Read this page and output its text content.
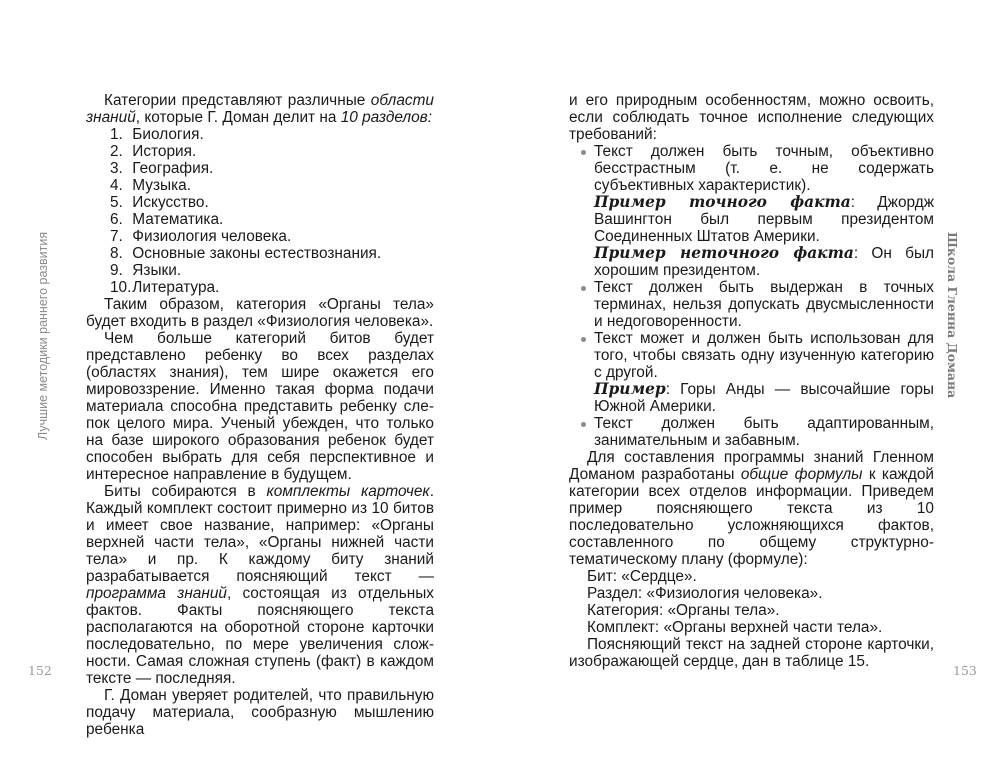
Лучшие методики раннего развития
152

Категории представляют различные области знаний, которые Г. Доман делит на 10 разделов:

1. Биология.
2. История.
3. География.
4. Музыка.
5. Искусство.
6. Математика.
7. Физиология человека.
8. Основные законы естествознания.
9. Языки.
10. Литература.

Таким образом, категория «Органы тела» будет входить в раздел «Физиология человека».

Чем больше категорий битов будет представлено ребенку во всех разделах (областях знания), тем шире окажется его мировоззрение. Именно такая форма подачи материала способна представить ребенку слепок целого мира. Ученый убежден, что только на базе широкого образования ребенок будет способен выбрать для себя перспективное и интересное направление в будущем.

Биты собираются в комплекты карточек. Каждый комплект состоит примерно из 10 битов и имеет свое название, например: «Органы верхней части тела», «Органы нижней части тела» и пр. К каждому биту знаний разрабатывается поясняющий текст — программа знаний, состоящая из отдельных фактов. Факты поясняющего текста располагаются на оборотной стороне карточки последовательно, по мере увеличения сложности. Самая сложная ступень (факт) в каждом тексте — последняя.

Г. Доман уверяет родителей, что правильную подачу материала, сообразную мышлению ребенка

Школа Гленна Домана
153

и его природным особенностям, можно освоить, если соблюдать точное исполнение следующих требований:

Текст должен быть точным, объективно бесстрастным (т. е. не содержать субъективных характеристик).

Пример точного факта: Джордж Вашингтон был первым президентом Соединенных Штатов Америки.

Пример неточного факта: Он был хорошим президентом.

Текст должен быть выдержан в точных терминах, нельзя допускать двусмысленности и недоговоренности.

Текст может и должен быть использован для того, чтобы связать одну изученную категорию с другой.

Пример: Горы Анды — высочайшие горы Южной Америки.

Текст должен быть адаптированным, занимательным и забавным.

Для составления программы знаний Гленном Доманом разработаны общие формулы к каждой категории всех отделов информации. Приведем пример поясняющего текста из 10 последовательно усложняющихся фактов, составленного по общему структурно-тематическому плану (формуле):

Бит: «Сердце».

Раздел: «Физиология человека».

Категория: «Органы тела».

Комплект: «Органы верхней части тела».

Поясняющий текст на задней стороне карточки, изображающей сердце, дан в таблице 15.
